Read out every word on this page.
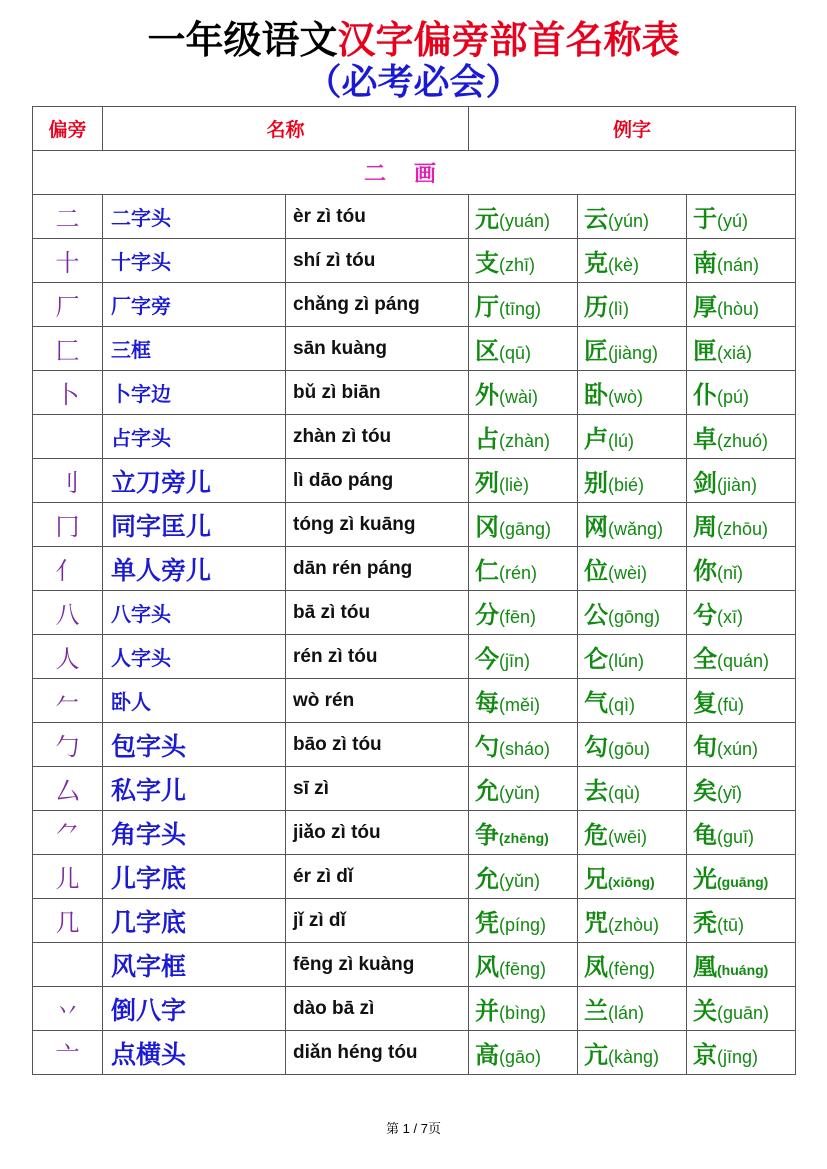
一年级语文汉字偏旁部首名称表
（必考必会）
偏旁	名称		例字		
二画					
二	二字头	èr zì tóu	元(yuán)	云(yún)	于(yú)
十	十字头	shí zì tóu	支(zhī)	克(kè)	南(nán)
厂	厂字旁	chǎng zì páng	厅(tīng)	历(lì)	厚(hòu)
匚	三框	sān kuàng	区(qū)	匠(jiàng)	匣(xiá)
卜	卜字边	bǔ zì biān	外(wài)	卧(wò)	仆(pú)
	占字头	zhàn zì tóu	占(zhàn)	卢(lú)	卓(zhuó)
刂	立刀旁儿	lì dāo páng	列(liè)	别(bié)	剑(jiàn)
冂	同字匡儿	tóng zì kuāng	冈(gāng)	网(wǎng)	周(zhōu)
亻	单人旁儿	dān rén páng	仁(rén)	位(wèi)	你(nǐ)
八	八字头	bā zì tóu	分(fēn)	公(gōng)	兮(xī)
人	人字头	rén zì tóu	今(jīn)	仑(lún)	全(quán)
𠂉	卧人	wò rén	每(měi)	气(qì)	复(fù)
勹	包字头	bāo zì tóu	勺(sháo)	勾(gōu)	旬(xún)
厶	私字儿	sī zì	允(yǔn)	去(qù)	矣(yǐ)
⺈	角字头	jiǎo zì tóu	争(zhēng)	危(wēi)	龟(guī)
儿	儿字底	ér zì dǐ	允(yǔn)	兄(xiōng)	光(guāng)
几	几字底	jǐ zì dǐ	凭(píng)	咒(zhòu)	秃(tū)
	风字框	fēng zì kuàng	风(fēng)	凤(fèng)	凰(huáng)
丷	倒八字	dào bā zì	并(bìng)	兰(lán)	关(guān)
亠	点横头	diǎn héng tóu	高(gāo)	亢(kàng)	京(jīng)
第 1 / 7页
